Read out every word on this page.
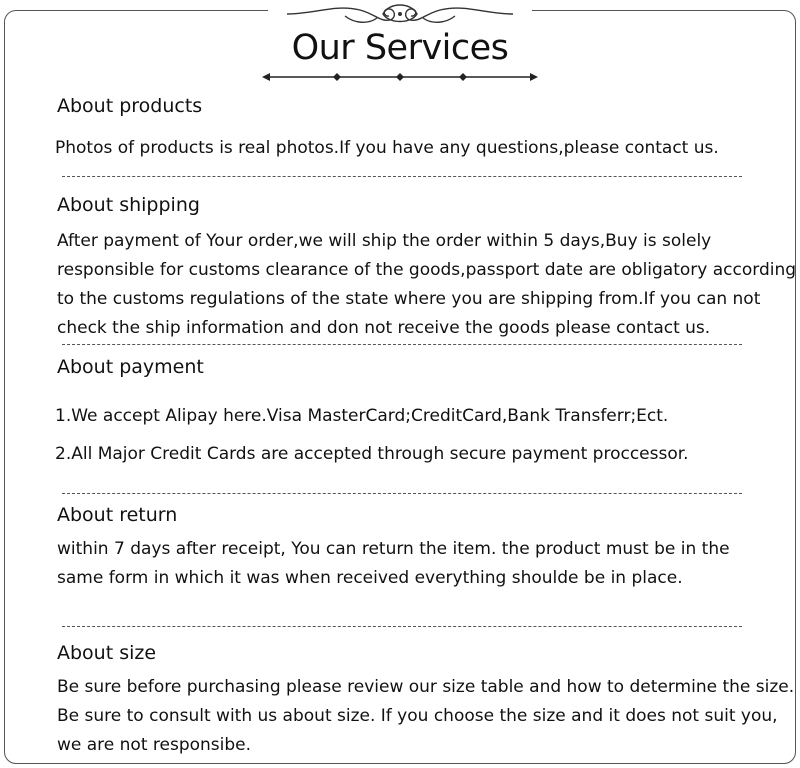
Our Services
About products
Photos of products is real photos.If you have any questions,please contact us.
About shipping
After payment of Your order,we will ship the order within 5 days,Buy is solely
responsible for customs clearance of the goods,passport date are obligatory according
to the customs regulations of the state where you are shipping from.If you can not
check the ship information and don not receive the goods please contact us.
About payment
1.We accept Alipay here.Visa MasterCard;CreditCard,Bank Transferr;Ect.
2.All Major Credit Cards are accepted through secure payment proccessor.
About return
within 7 days after receipt, You can return the item. the product must be in the
same form in which it was when received everything shoulde be in place.
About size
Be sure before purchasing please review our size table and how to determine the size.
Be sure to consult with us about size. If you choose the size and it does not suit you,
we are not responsibe.
